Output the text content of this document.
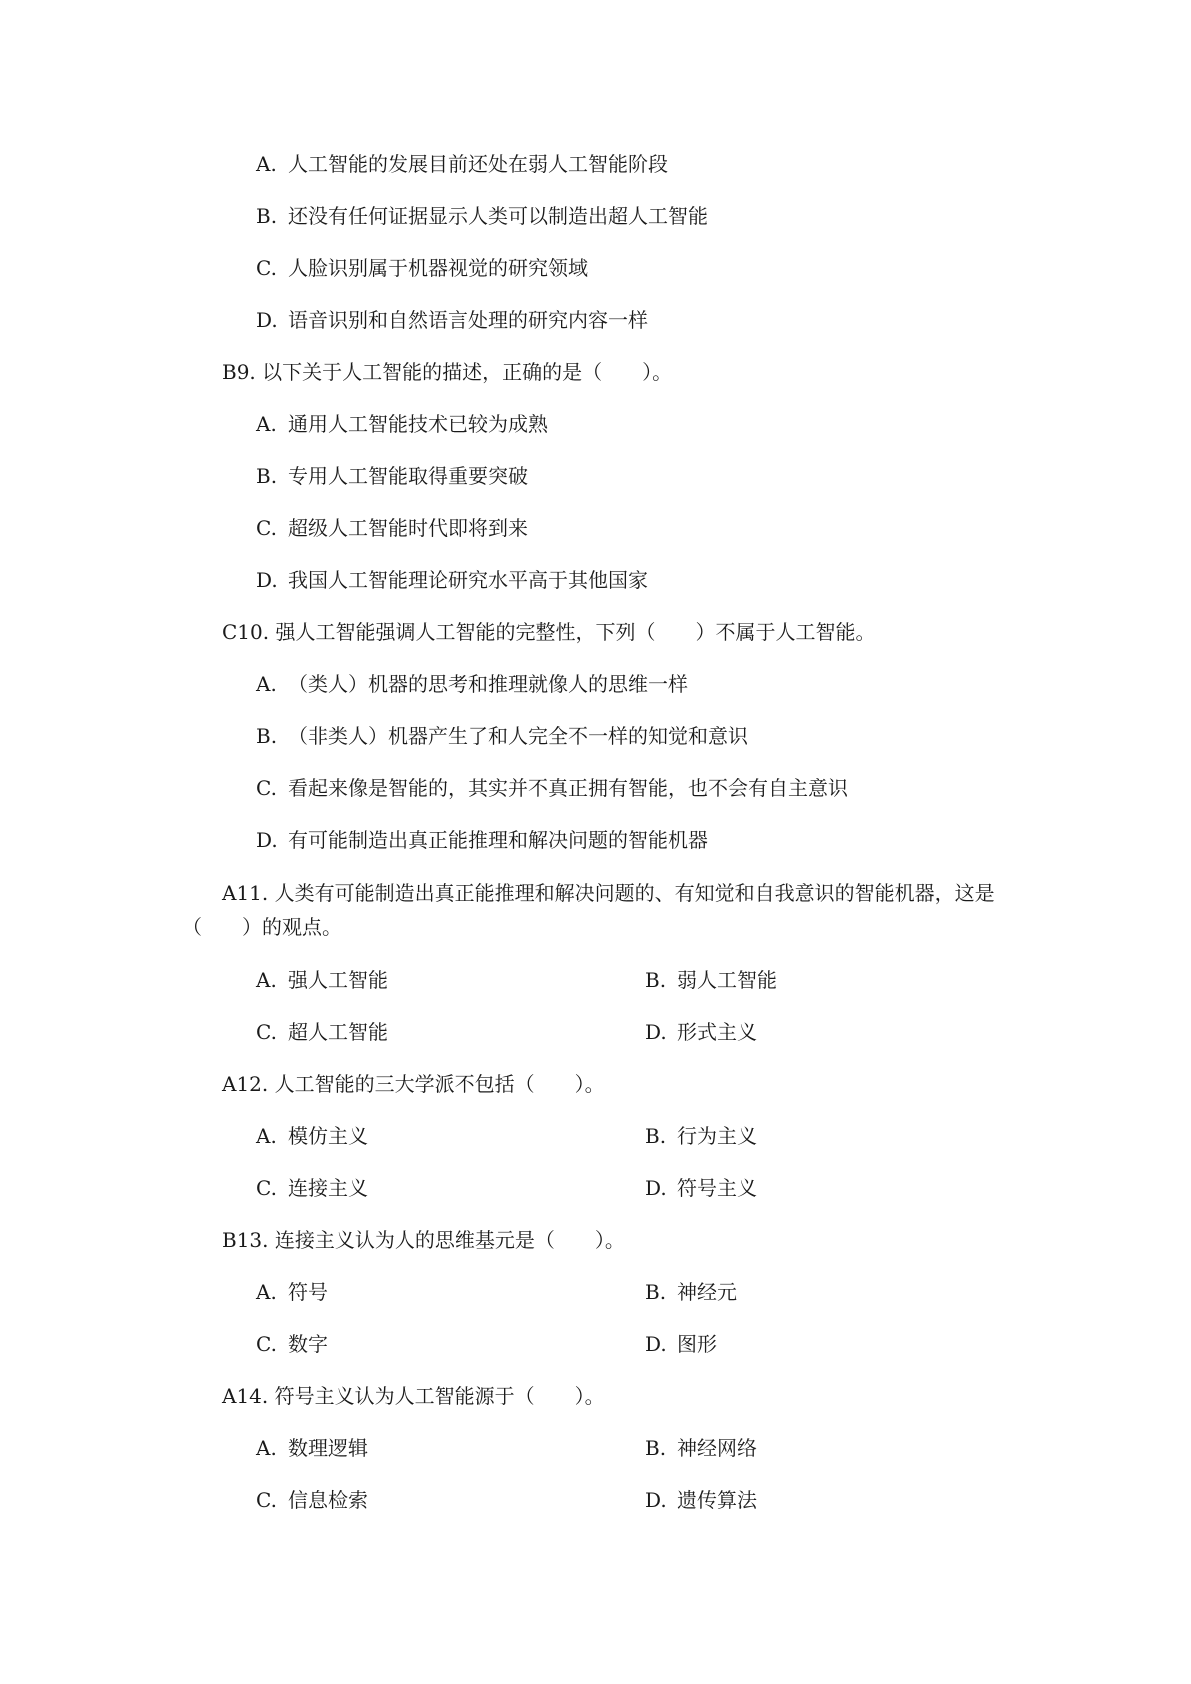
A. 人工智能的发展目前还处在弱人工智能阶段
B. 还没有任何证据显示人类可以制造出超人工智能
C. 人脸识别属于机器视觉的研究领域
D. 语音识别和自然语言处理的研究内容一样
B9. 以下关于人工智能的描述，正确的是（　　）。
A. 通用人工智能技术已较为成熟
B. 专用人工智能取得重要突破
C. 超级人工智能时代即将到来
D. 我国人工智能理论研究水平高于其他国家
C10. 强人工智能强调人工智能的完整性，下列（　　）不属于人工智能。
A. （类人）机器的思考和推理就像人的思维一样
B. （非类人）机器产生了和人完全不一样的知觉和意识
C. 看起来像是智能的，其实并不真正拥有智能，也不会有自主意识
D. 有可能制造出真正能推理和解决问题的智能机器
A11. 人类有可能制造出真正能推理和解决问题的、有知觉和自我意识的智能机器，这是（　　）的观点。
A. 强人工智能	B. 弱人工智能
C. 超人工智能	D. 形式主义
A12. 人工智能的三大学派不包括（　　）。
A. 模仿主义	B. 行为主义
C. 连接主义	D. 符号主义
B13. 连接主义认为人的思维基元是（　　）。
A. 符号	B. 神经元
C. 数字	D. 图形
A14. 符号主义认为人工智能源于（　　）。
A. 数理逻辑	B. 神经网络
C. 信息检索	D. 遗传算法
